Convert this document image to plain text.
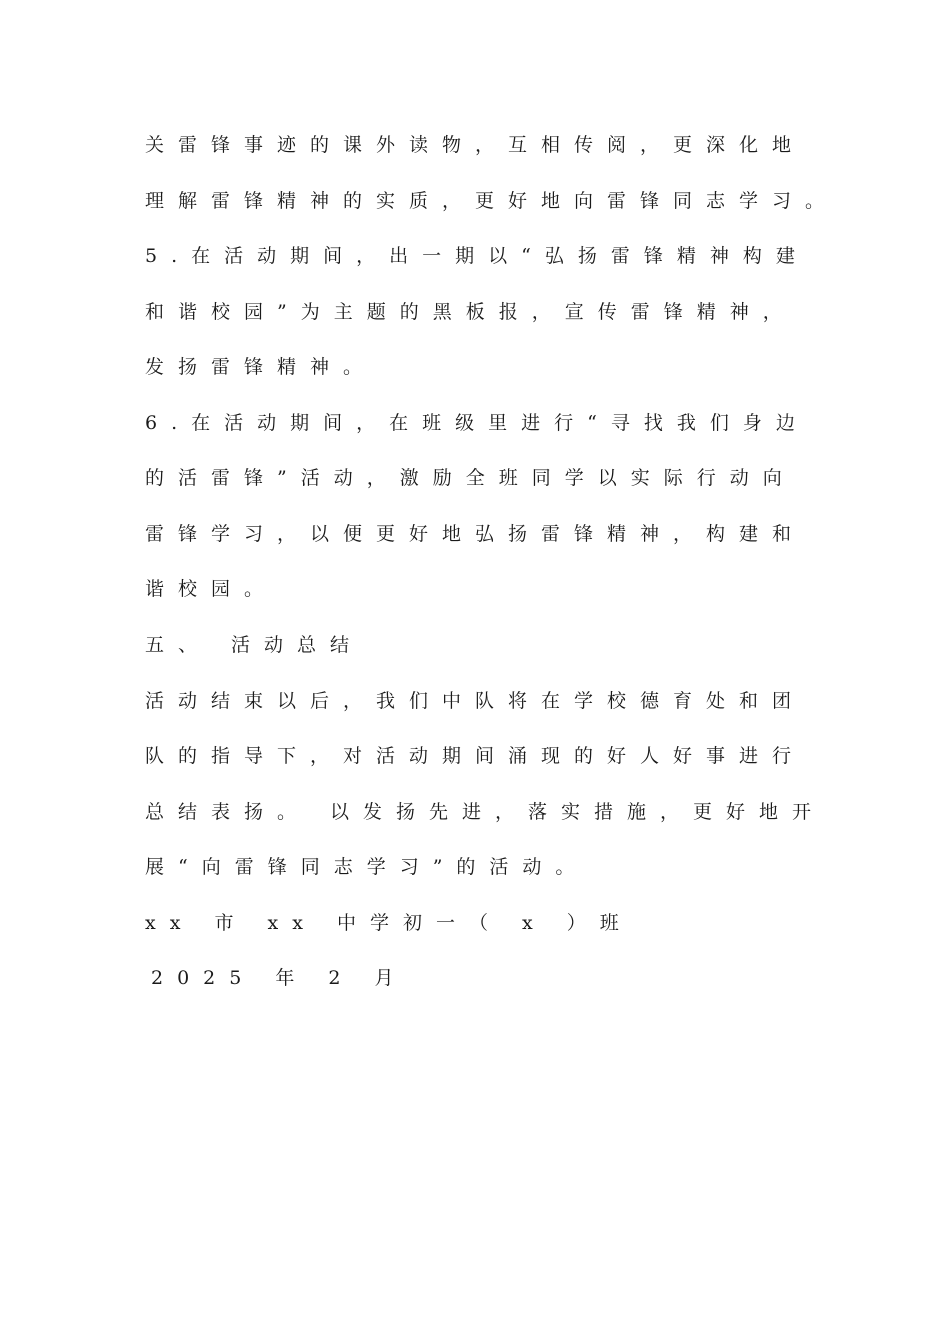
关雷锋事迹的课外读物，互相传阅，更深化地
理解雷锋精神的实质，更好地向雷锋同志学习。
5.在活动期间，出一期以“弘扬雷锋精神构建
和谐校园”为主题的黑板报，宣传雷锋精神，
发扬雷锋精神。
6.在活动期间，在班级里进行“寻找我们身边
的活雷锋”活动，激励全班同学以实际行动向
雷锋学习，以便更好地弘扬雷锋精神，构建和
谐校园。
五、 活动总结
活动结束以后，我们中队将在学校德育处和团
队的指导下，对活动期间涌现的好人好事进行
总结表扬。 以发扬先进，落实措施，更好地开
展“向雷锋同志学习”的活动。
xx 市 xx 中学初一（ x ）班
2025 年 2 月
